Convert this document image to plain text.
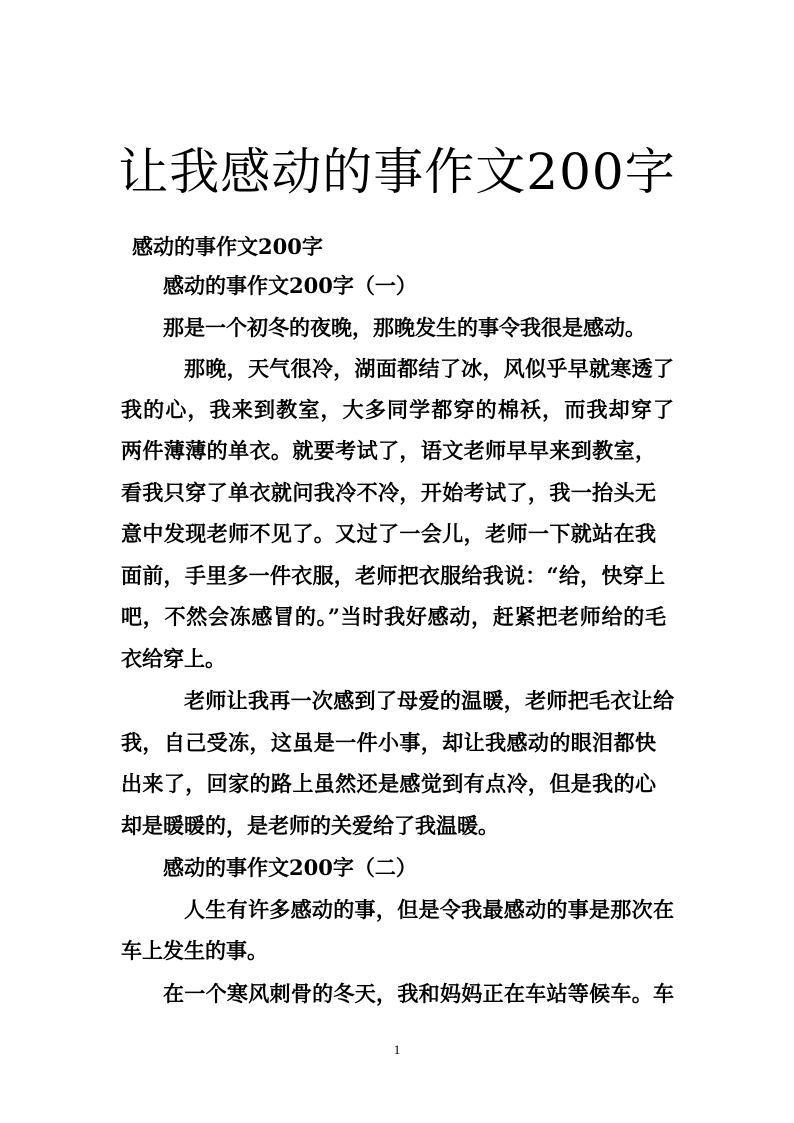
让我感动的事作文200字
感动的事作文200字
感动的事作文200字（一）
那是一个初冬的夜晚，那晚发生的事令我很是感动。
那晚，天气很冷，湖面都结了冰，风似乎早就寒透了
我的心，我来到教室，大多同学都穿的棉袄，而我却穿了
两件薄薄的单衣。就要考试了，语文老师早早来到教室，
看我只穿了单衣就问我冷不冷，开始考试了，我一抬头无
意中发现老师不见了。又过了一会儿，老师一下就站在我
面前，手里多一件衣服，老师把衣服给我说：“给，快穿上
吧，不然会冻感冒的。”当时我好感动，赶紧把老师给的毛
衣给穿上。
老师让我再一次感到了母爱的温暖，老师把毛衣让给
我，自己受冻，这虽是一件小事，却让我感动的眼泪都快
出来了，回家的路上虽然还是感觉到有点冷，但是我的心
却是暖暖的，是老师的关爱给了我温暖。
感动的事作文200字（二）
人生有许多感动的事，但是令我最感动的事是那次在
车上发生的事。
在一个寒风刺骨的冬天，我和妈妈正在车站等候车。车
1
